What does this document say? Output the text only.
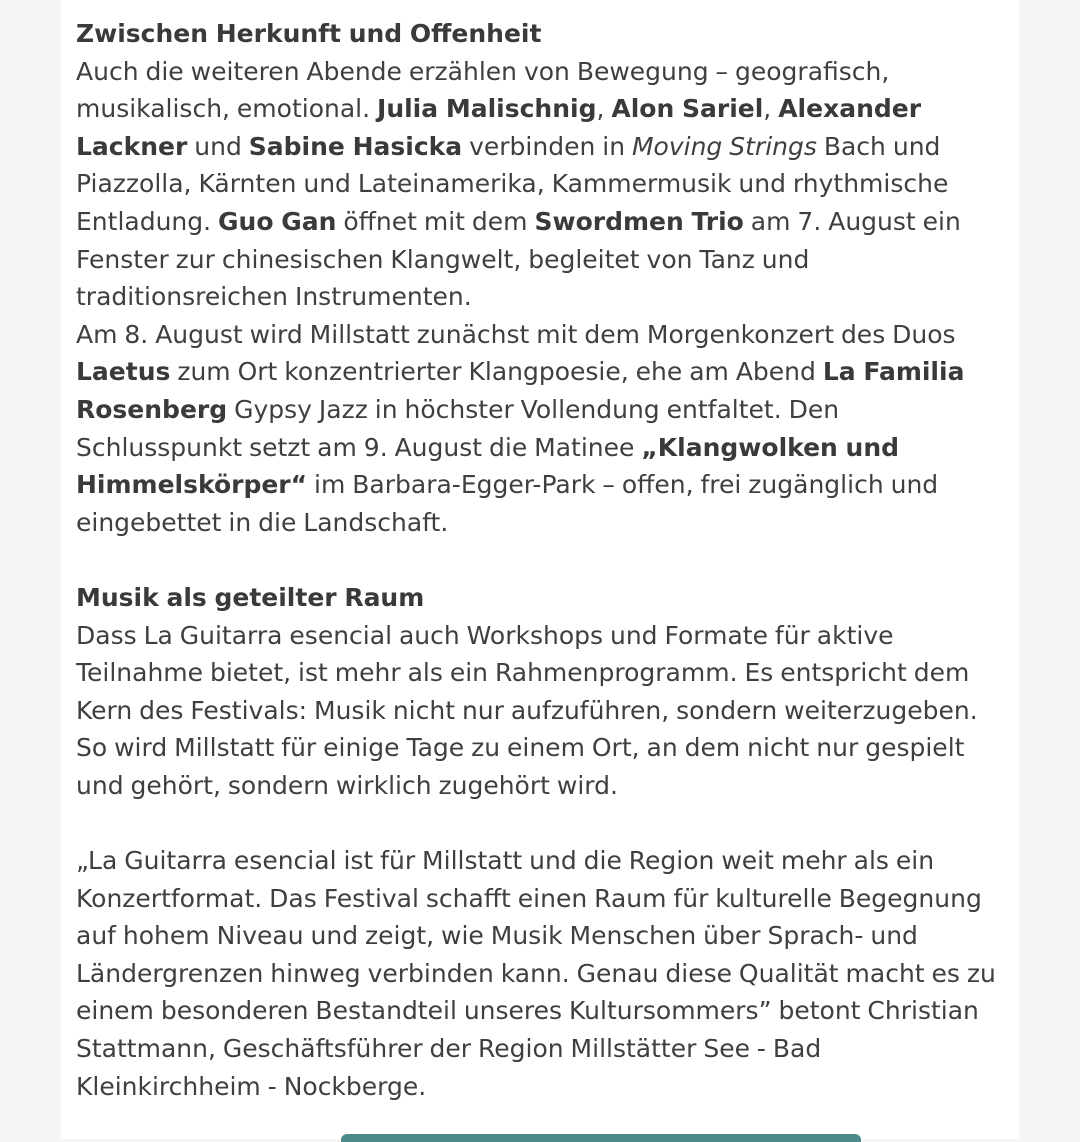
Zwischen Herkunft und Offenheit

Auch die weiteren Abende erzählen von Bewegung – geografisch, musikalisch, emotional. Julia Malischnig, Alon Sariel, Alexander Lackner und Sabine Hasicka verbinden in Moving Strings Bach und Piazzolla, Kärnten und Lateinamerika, Kammermusik und rhythmische Entladung. Guo Gan öffnet mit dem Swordmen Trio am 7. August ein Fenster zur chinesischen Klangwelt, begleitet von Tanz und traditionsreichen Instrumenten.

Am 8. August wird Millstatt zunächst mit dem Morgenkonzert des Duos Laetus zum Ort konzentrierter Klangpoesie, ehe am Abend La Familia Rosenberg Gypsy Jazz in höchster Vollendung entfaltet. Den Schlusspunkt setzt am 9. August die Matinee „Klangwolken und Himmelskörper“ im Barbara-Egger-Park – offen, frei zugänglich und eingebettet in die Landschaft.

Musik als geteilter Raum

Dass La Guitarra esencial auch Workshops und Formate für aktive Teilnahme bietet, ist mehr als ein Rahmenprogramm. Es entspricht dem Kern des Festivals: Musik nicht nur aufzuführen, sondern weiterzugeben. So wird Millstatt für einige Tage zu einem Ort, an dem nicht nur gespielt und gehört, sondern wirklich zugehört wird.

„La Guitarra esencial ist für Millstatt und die Region weit mehr als ein Konzertformat. Das Festival schafft einen Raum für kulturelle Begegnung auf hohem Niveau und zeigt, wie Musik Menschen über Sprach- und Ländergrenzen hinweg verbinden kann. Genau diese Qualität macht es zu einem besonderen Bestandteil unseres Kultursommers” betont Christian Stattmann, Geschäftsführer der Region Millstätter See - Bad Kleinkirchheim - Nockberge.
